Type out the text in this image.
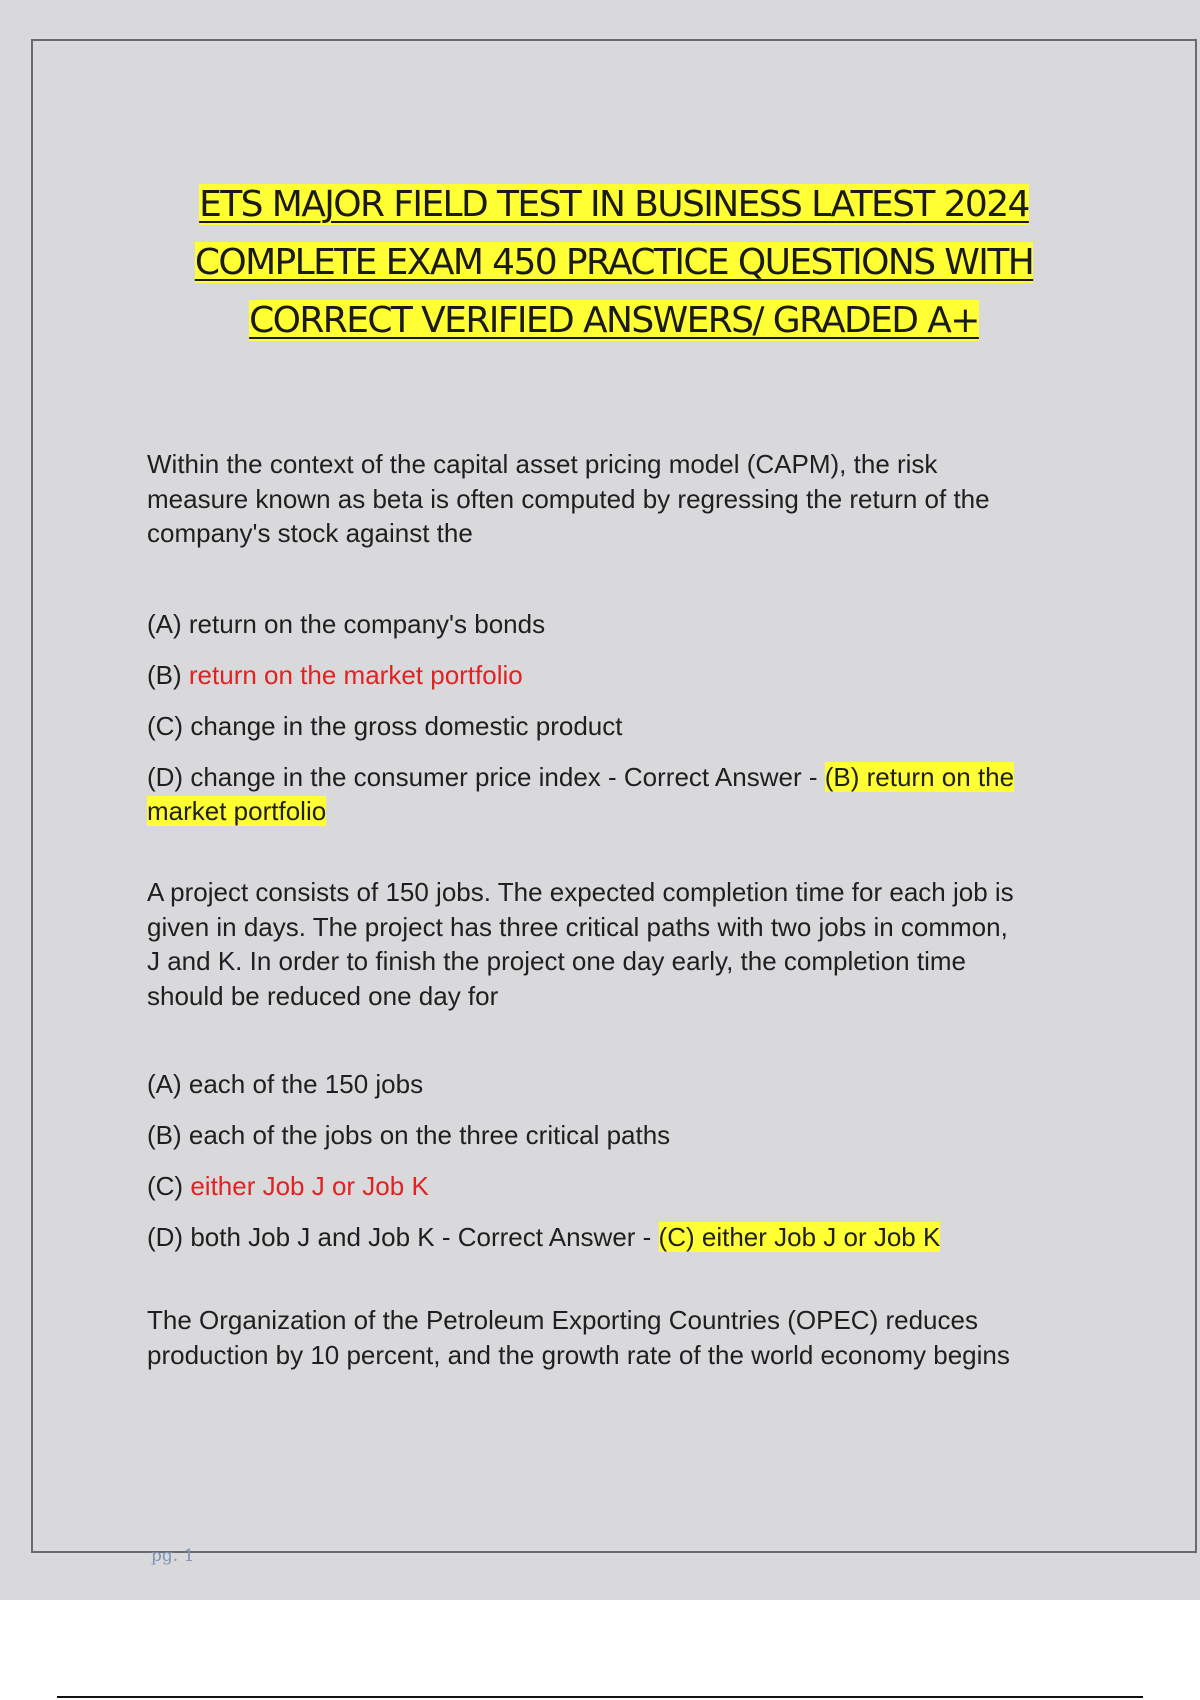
ETS MAJOR FIELD TEST IN BUSINESS LATEST 2024
COMPLETE EXAM 450 PRACTICE QUESTIONS WITH
CORRECT VERIFIED ANSWERS/ GRADED A+

Within the context of the capital asset pricing model (CAPM), the risk
measure known as beta is often computed by regressing the return of the
company's stock against the

(A) return on the company's bonds

(B) return on the market portfolio

(C) change in the gross domestic product

(D) change in the consumer price index - Correct Answer - (B) return on the
market portfolio

A project consists of 150 jobs. The expected completion time for each job is
given in days. The project has three critical paths with two jobs in common,
J and K. In order to finish the project one day early, the completion time
should be reduced one day for

(A) each of the 150 jobs

(B) each of the jobs on the three critical paths

(C) either Job J or Job K

(D) both Job J and Job K - Correct Answer - (C) either Job J or Job K

The Organization of the Petroleum Exporting Countries (OPEC) reduces
production by 10 percent, and the growth rate of the world economy begins

pg. 1
